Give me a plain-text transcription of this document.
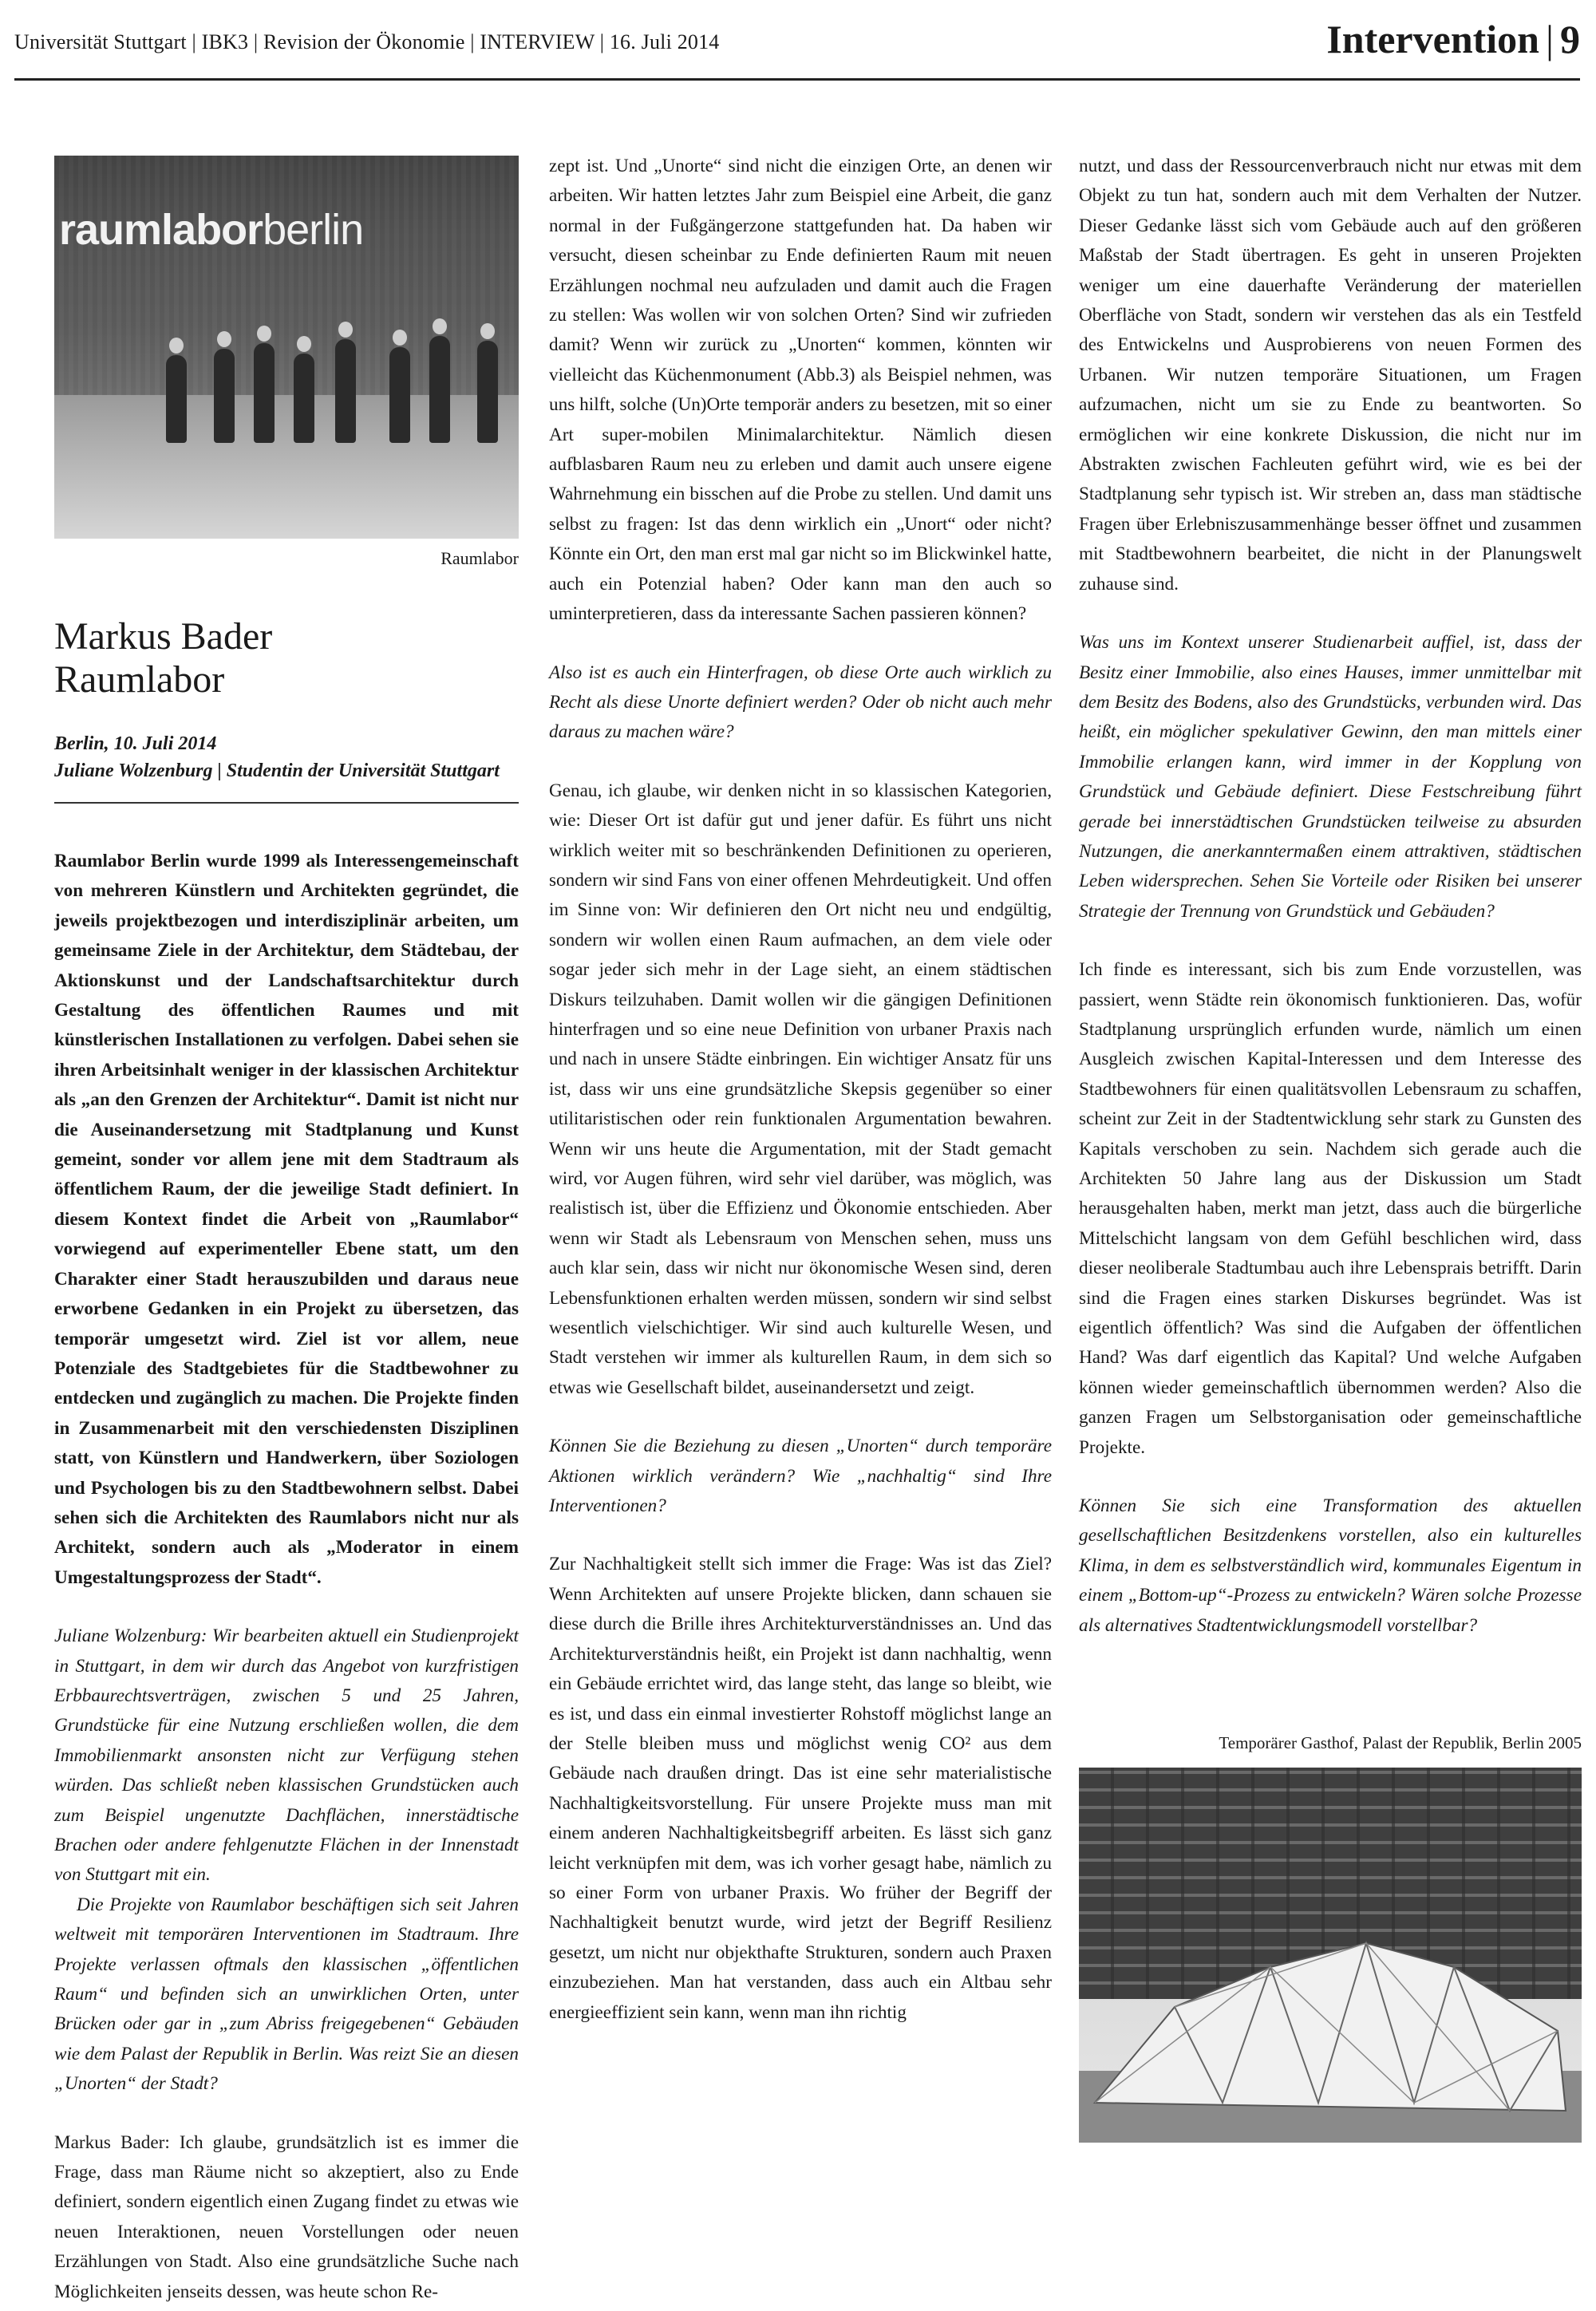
Universität Stuttgart | IBK3 | Revision der Ökonomie | INTERVIEW | 16. Juli 2014	Intervention | 9
raumlaborberlin
Raumlabor
Markus Bader
Raumlabor
Berlin, 10. Juli 2014
Juliane Wolzenburg | Studentin der Universität Stuttgart

Raumlabor Berlin wurde 1999 als Interessengemeinschaft von mehreren Künstlern und Architekten gegründet, die jeweils projektbezogen und interdisziplinär arbeiten, um gemeinsame Ziele in der Architektur, dem Städtebau, der Aktionskunst und der Landschaftsarchitektur durch Gestaltung des öffentlichen Raumes und mit künstlerischen Installationen zu verfolgen. Dabei sehen sie ihren Arbeitsinhalt weniger in der klassischen Architektur als „an den Grenzen der Architektur“. Damit ist nicht nur die Auseinandersetzung mit Stadtplanung und Kunst gemeint, sonder vor allem jene mit dem Stadtraum als öffentlichem Raum, der die jeweilige Stadt definiert. In diesem Kontext findet die Arbeit von „Raumlabor“ vorwiegend auf experimenteller Ebene statt, um den Charakter einer Stadt herauszubilden und daraus neue erworbene Gedanken in ein Projekt zu übersetzen, das temporär umgesetzt wird. Ziel ist vor allem, neue Potenziale des Stadtgebietes für die Stadtbewohner zu entdecken und zugänglich zu machen. Die Projekte finden in Zusammenarbeit mit den verschiedensten Disziplinen statt, von Künstlern und Handwerkern, über Soziologen und Psychologen bis zu den Stadtbewohnern selbst. Dabei sehen sich die Architekten des Raumlabors nicht nur als Architekt, sondern auch als „Moderator in einem Umgestaltungsprozess der Stadt“.

Juliane Wolzenburg: Wir bearbeiten aktuell ein Studienprojekt in Stuttgart, in dem wir durch das Angebot von kurzfristigen Erbbaurechtsverträgen, zwischen 5 und 25 Jahren, Grundstücke für eine Nutzung erschließen wollen, die dem Immobilienmarkt ansonsten nicht zur Verfügung stehen würden. Das schließt neben klassischen Grundstücken auch zum Beispiel ungenutzte Dachflächen, innerstädtische Brachen oder andere fehlgenutzte Flächen in der Innenstadt von Stuttgart mit ein.

Die Projekte von Raumlabor beschäftigen sich seit Jahren weltweit mit temporären Interventionen im Stadtraum. Ihre Projekte verlassen oftmals den klassischen „öffentlichen Raum“ und befinden sich an unwirklichen Orten, unter Brücken oder gar in „zum Abriss freigegebenen“ Gebäuden wie dem Palast der Republik in Berlin. Was reizt Sie an diesen „Unorten“ der Stadt?

Markus Bader: Ich glaube, grundsätzlich ist es immer die Frage, dass man Räume nicht so akzeptiert, also zu Ende definiert, sondern eigentlich einen Zugang findet zu etwas wie neuen Interaktionen, neuen Vorstellungen oder neuen Erzählungen von Stadt. Also eine grundsätzliche Suche nach Möglichkeiten jenseits dessen, was heute schon Re-

zept ist. Und „Unorte“ sind nicht die einzigen Orte, an denen wir arbeiten. Wir hatten letztes Jahr zum Beispiel eine Arbeit, die ganz normal in der Fußgängerzone stattgefunden hat. Da haben wir versucht, diesen scheinbar zu Ende definierten Raum mit neuen Erzählungen nochmal neu aufzuladen und damit auch die Fragen zu stellen: Was wollen wir von solchen Orten? Sind wir zufrieden damit? Wenn wir zurück zu „Unorten“ kommen, könnten wir vielleicht das Küchenmonument (Abb.3) als Beispiel nehmen, was uns hilft, solche (Un)Orte temporär anders zu besetzen, mit so einer Art super-mobilen Minimalarchitektur. Nämlich diesen aufblasbaren Raum neu zu erleben und damit auch unsere eigene Wahrnehmung ein bisschen auf die Probe zu stellen. Und damit uns selbst zu fragen: Ist das denn wirklich ein „Unort“ oder nicht? Könnte ein Ort, den man erst mal gar nicht so im Blickwinkel hatte, auch ein Potenzial haben? Oder kann man den auch so uminterpretieren, dass da interessante Sachen passieren können?

Also ist es auch ein Hinterfragen, ob diese Orte auch wirklich zu Recht als diese Unorte definiert werden? Oder ob nicht auch mehr daraus zu machen wäre?

Genau, ich glaube, wir denken nicht in so klassischen Kategorien, wie: Dieser Ort ist dafür gut und jener dafür. Es führt uns nicht wirklich weiter mit so beschränkenden Definitionen zu operieren, sondern wir sind Fans von einer offenen Mehrdeutigkeit. Und offen im Sinne von: Wir definieren den Ort nicht neu und endgültig, sondern wir wollen einen Raum aufmachen, an dem viele oder sogar jeder sich mehr in der Lage sieht, an einem städtischen Diskurs teilzuhaben. Damit wollen wir die gängigen Definitionen hinterfragen und so eine neue Definition von urbaner Praxis nach und nach in unsere Städte einbringen. Ein wichtiger Ansatz für uns ist, dass wir uns eine grundsätzliche Skepsis gegenüber so einer utilitaristischen oder rein funktionalen Argumentation bewahren. Wenn wir uns heute die Argumentation, mit der Stadt gemacht wird, vor Augen führen, wird sehr viel darüber, was möglich, was realistisch ist, über die Effizienz und Ökonomie entschieden. Aber wenn wir Stadt als Lebensraum von Menschen sehen, muss uns auch klar sein, dass wir nicht nur ökonomische Wesen sind, deren Lebensfunktionen erhalten werden müssen, sondern wir sind selbst wesentlich vielschichtiger. Wir sind auch kulturelle Wesen, und Stadt verstehen wir immer als kulturellen Raum, in dem sich so etwas wie Gesellschaft bildet, auseinandersetzt und zeigt.

Können Sie die Beziehung zu diesen „Unorten“ durch temporäre Aktionen wirklich verändern? Wie „nachhaltig“ sind Ihre Interventionen?

Zur Nachhaltigkeit stellt sich immer die Frage: Was ist das Ziel? Wenn Architekten auf unsere Projekte blicken, dann schauen sie diese durch die Brille ihres Architekturverständnisses an. Und das Architekturverständnis heißt, ein Projekt ist dann nachhaltig, wenn ein Gebäude errichtet wird, das lange steht, das lange so bleibt, wie es ist, und dass ein einmal investierter Rohstoff möglichst lange an der Stelle bleiben muss und möglichst wenig CO² aus dem Gebäude nach draußen dringt. Das ist eine sehr materialistische Nachhaltigkeitsvorstellung. Für unsere Projekte muss man mit einem anderen Nachhaltigkeitsbegriff arbeiten. Es lässt sich ganz leicht verknüpfen mit dem, was ich vorher gesagt habe, nämlich zu so einer Form von urbaner Praxis. Wo früher der Begriff der Nachhaltigkeit benutzt wurde, wird jetzt der Begriff Resilienz gesetzt, um nicht nur objekthafte Strukturen, sondern auch Praxen einzubeziehen. Man hat verstanden, dass auch ein Altbau sehr energieeffizient sein kann, wenn man ihn richtig

nutzt, und dass der Ressourcenverbrauch nicht nur etwas mit dem Objekt zu tun hat, sondern auch mit dem Verhalten der Nutzer. Dieser Gedanke lässt sich vom Gebäude auch auf den größeren Maßstab der Stadt übertragen. Es geht in unseren Projekten weniger um eine dauerhafte Veränderung der materiellen Oberfläche von Stadt, sondern wir verstehen das als ein Testfeld des Entwickelns und Ausprobierens von neuen Formen des Urbanen. Wir nutzen temporäre Situationen, um Fragen aufzumachen, nicht um sie zu Ende zu beantworten. So ermöglichen wir eine konkrete Diskussion, die nicht nur im Abstrakten zwischen Fachleuten geführt wird, wie es bei der Stadtplanung sehr typisch ist. Wir streben an, dass man städtische Fragen über Erlebniszusammenhänge besser öffnet und zusammen mit Stadtbewohnern bearbeitet, die nicht in der Planungswelt zuhause sind.

Was uns im Kontext unserer Studienarbeit auffiel, ist, dass der Besitz einer Immobilie, also eines Hauses, immer unmittelbar mit dem Besitz des Bodens, also des Grundstücks, verbunden wird. Das heißt, ein möglicher spekulativer Gewinn, den man mittels einer Immobilie erlangen kann, wird immer in der Kopplung von Grundstück und Gebäude definiert. Diese Festschreibung führt gerade bei innerstädtischen Grundstücken teilweise zu absurden Nutzungen, die anerkanntermaßen einem attraktiven, städtischen Leben widersprechen. Sehen Sie Vorteile oder Risiken bei unserer Strategie der Trennung von Grundstück und Gebäuden?

Ich finde es interessant, sich bis zum Ende vorzustellen, was passiert, wenn Städte rein ökonomisch funktionieren. Das, wofür Stadtplanung ursprünglich erfunden wurde, nämlich um einen Ausgleich zwischen Kapital-Interessen und dem Interesse des Stadtbewohners für einen qualitätsvollen Lebensraum zu schaffen, scheint zur Zeit in der Stadtentwicklung sehr stark zu Gunsten des Kapitals verschoben zu sein. Nachdem sich gerade auch die Architekten 50 Jahre lang aus der Diskussion um Stadt herausgehalten haben, merkt man jetzt, dass auch die bürgerliche Mittelschicht langsam von dem Gefühl beschlichen wird, dass dieser neoliberale Stadtumbau auch ihre Lebensprais betrifft. Darin sind die Fragen eines starken Diskurses begründet. Was ist eigentlich öffentlich? Was sind die Aufgaben der öffentlichen Hand? Was darf eigentlich das Kapital? Und welche Aufgaben können wieder gemeinschaftlich übernommen werden? Also die ganzen Fragen um Selbstorganisation oder gemeinschaftliche Projekte.

Können Sie sich eine Transformation des aktuellen gesellschaftlichen Besitzdenkens vorstellen, also ein kulturelles Klima, in dem es selbstverständlich wird, kommunales Eigentum in einem „Bottom-up“-Prozess zu entwickeln? Wären solche Prozesse als alternatives Stadtentwicklungsmodell vorstellbar?

Temporärer Gasthof, Palast der Republik, Berlin 2005
